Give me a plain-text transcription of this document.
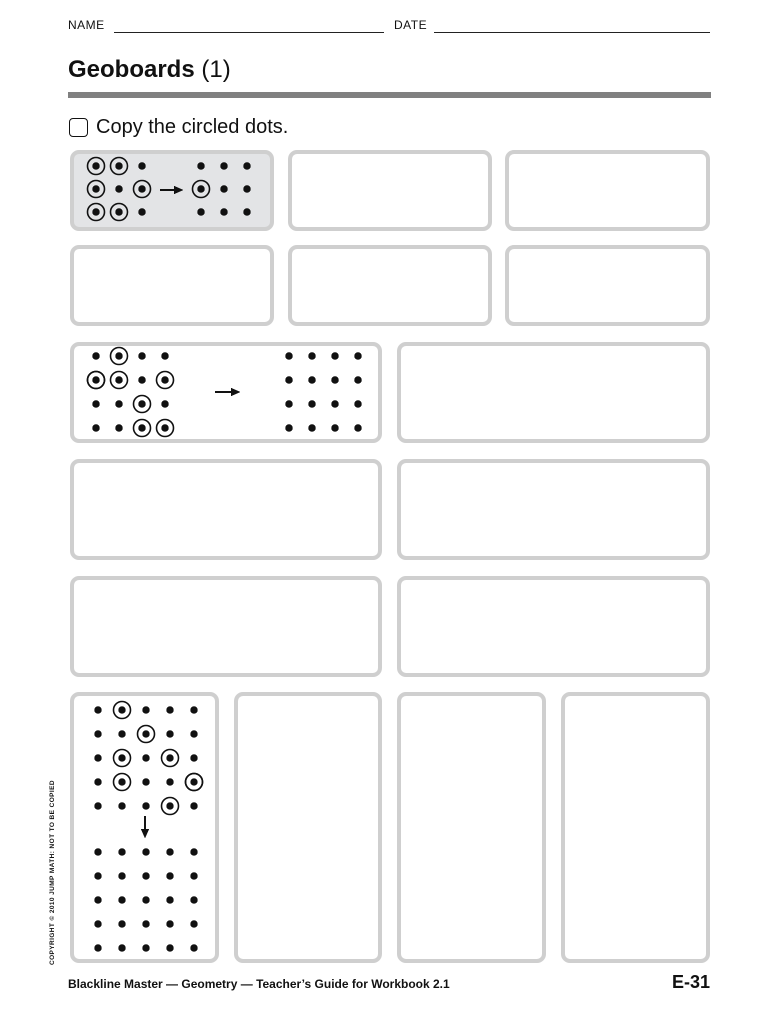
NAME	DATE
Geoboards (1)
Copy the circled dots.
COPYRIGHT © 2010 JUMP MATH: NOT TO BE COPIED
Blackline Master — Geometry — Teacher’s Guide for Workbook 2.1	E-31
